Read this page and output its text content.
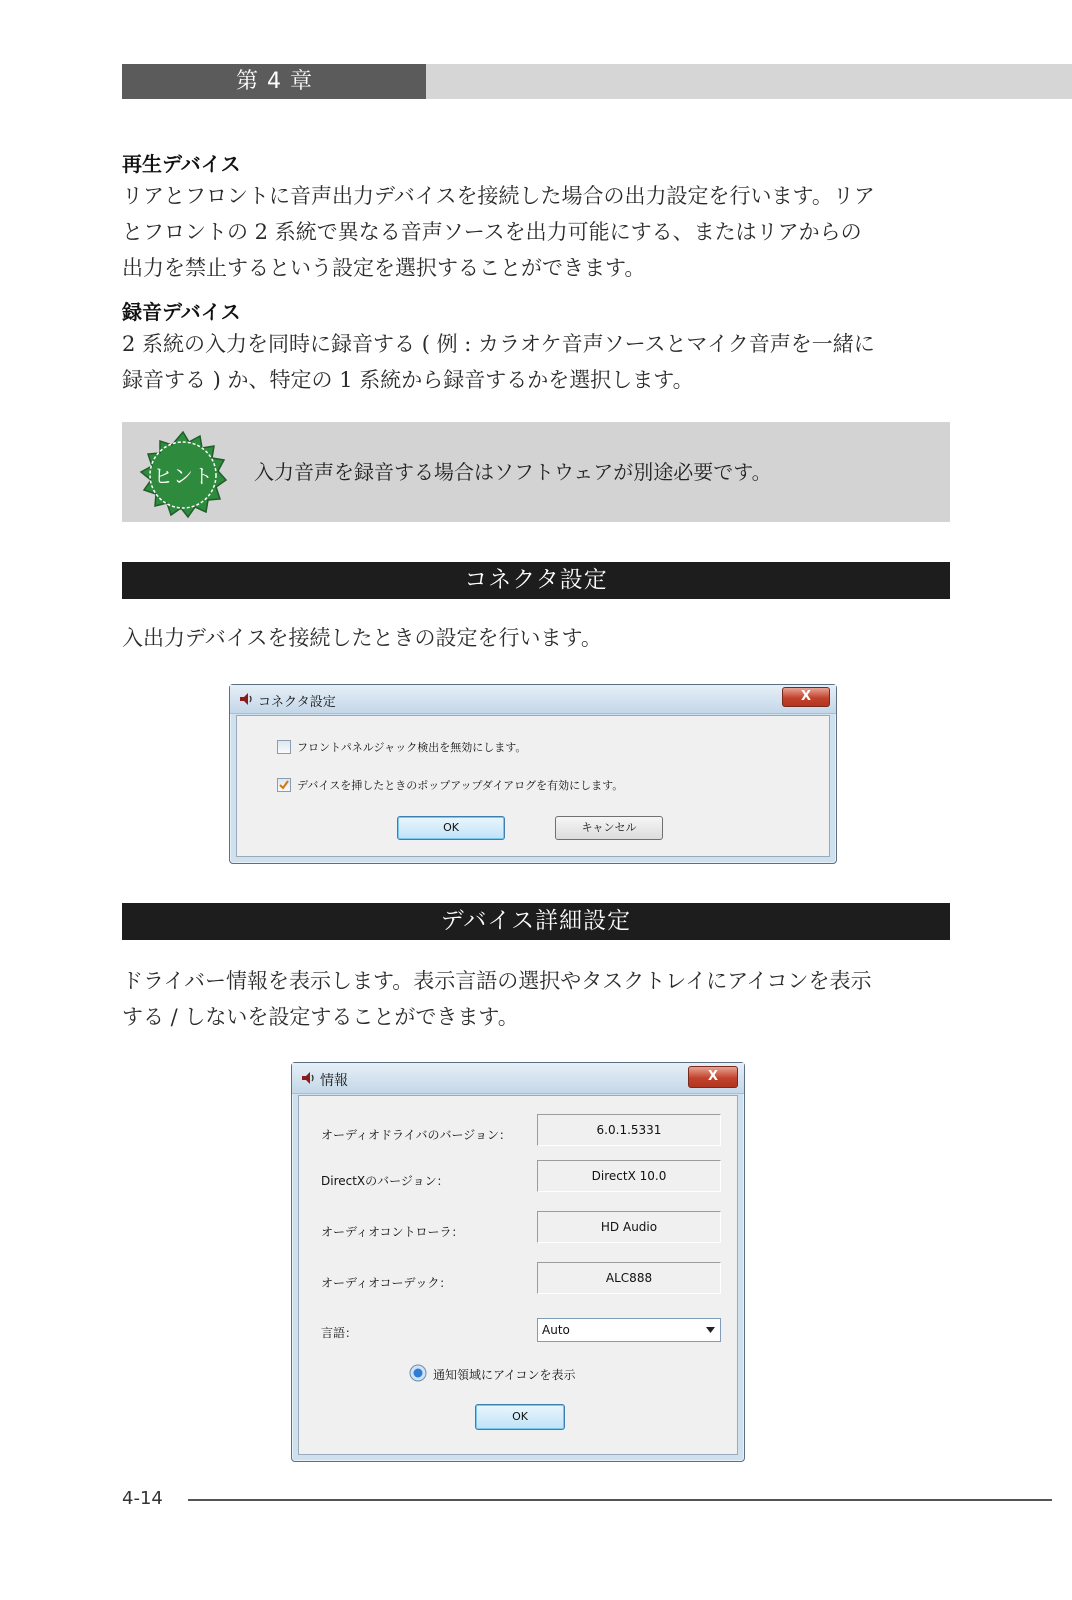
第 4 章
再生デバイス
リアとフロントに音声出力デバイスを接続した場合の出力設定を行います。リア
とフロントの 2 系統で異なる音声ソースを出力可能にする、またはリアからの
出力を禁止するという設定を選択することができます。
録音デバイス
2 系統の入力を同時に録音する ( 例 : カラオケ音声ソースとマイク音声を一緒に
録音する ) か、特定の 1 系統から録音するかを選択します。
ヒント 入力音声を録音する場合はソフトウェアが別途必要です。
コネクタ設定
入出力デバイスを接続したときの設定を行います。
コネクタ設定	X
フロントパネルジャック検出を無効にします。
デバイスを挿したときのポップアップダイアログを有効にします。
OK	キャンセル
デバイス詳細設定
ドライバー情報を表示します。表示言語の選択やタスクトレイにアイコンを表示
する / しないを設定することができます。
情報	X
オーディオドライバのバージョン：	6.0.1.5331
DirectXのバージョン：	DirectX 10.0
オーディオコントローラ：	HD Audio
オーディオコーデック：	ALC888
言語：	Auto
通知領域にアイコンを表示
OK
4-14
